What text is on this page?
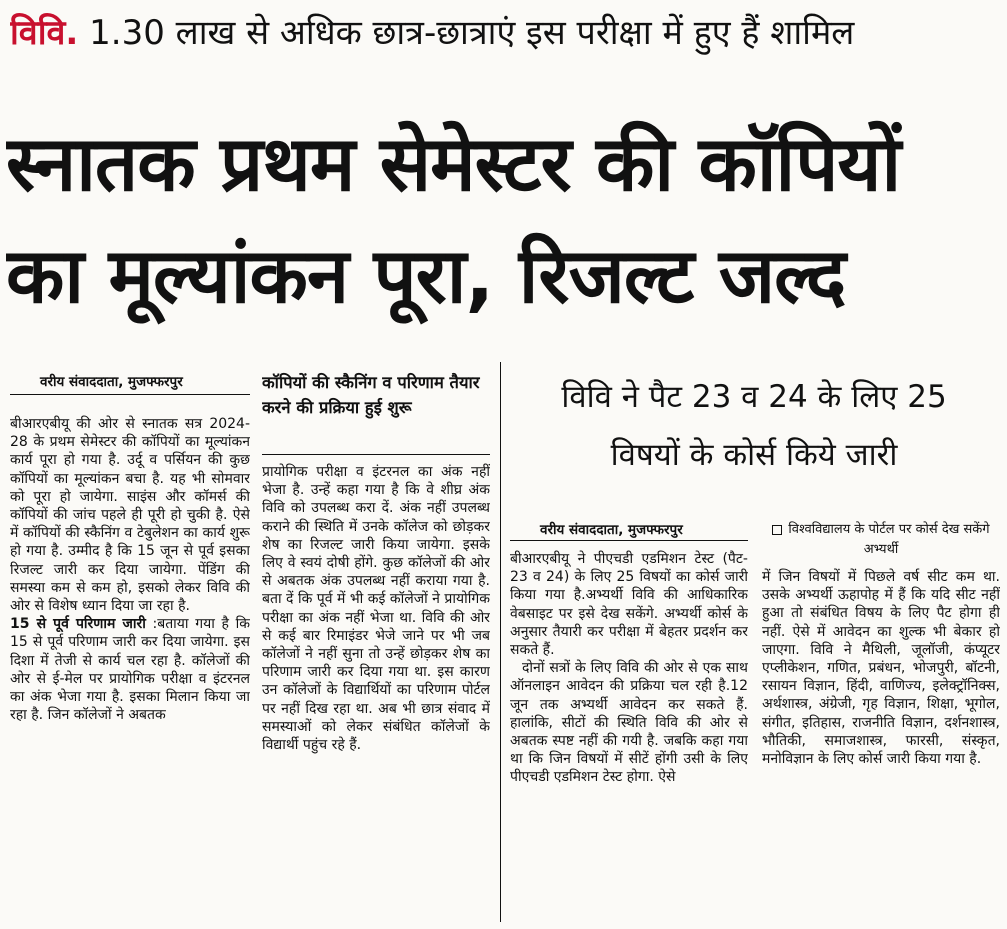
विवि. 1.30 लाख से अधिक छात्र-छात्राएं इस परीक्षा में हुए हैं शामिल
स्नातक प्रथम सेमेस्टर की कॉपियों
का मूल्यांकन पूरा, रिजल्ट जल्द
वरीय संवाददाता, मुजफ्फरपुर

बीआरएबीयू की ओर से स्नातक सत्र 2024-28 के प्रथम सेमेस्टर की कॉपियों का मूल्यांकन कार्य पूरा हो गया है. उर्दू व पर्सियन की कुछ कॉपियों का मूल्यांकन बचा है. यह भी सोमवार को पूरा हो जायेगा. साइंस और कॉमर्स की कॉपियों की जांच पहले ही पूरी हो चुकी है. ऐसे में कॉपियों की स्कैनिंग व टेबुलेशन का कार्य शुरू हो गया है. उम्मीद है कि 15 जून से पूर्व इसका रिजल्ट जारी कर दिया जायेगा. पेंडिंग की समस्या कम से कम हो, इसको लेकर विवि की ओर से विशेष ध्यान दिया जा रहा है.

15 से पूर्व परिणाम जारी :बताया गया है कि 15 से पूर्व परिणाम जारी कर दिया जायेगा. इस दिशा में तेजी से कार्य चल रहा है. कॉलेजों की ओर से ई-मेल पर प्रायोगिक परीक्षा व इंटरनल का अंक भेजा गया है. इसका मिलान किया जा रहा है. जिन कॉलेजों ने अबतक

कॉपियों की स्कैनिंग व परिणाम तैयार करने की प्रक्रिया हुई शुरू

प्रायोगिक परीक्षा व इंटरनल का अंक नहीं भेजा है. उन्हें कहा गया है कि वे शीघ्र अंक विवि को उपलब्ध करा दें. अंक नहीं उपलब्ध कराने की स्थिति में उनके कॉलेज को छोड़कर शेष का रिजल्ट जारी किया जायेगा. इसके लिए वे स्वयं दोषी होंगे. कुछ कॉलेजों की ओर से अबतक अंक उपलब्ध नहीं कराया गया है. बता दें कि पूर्व में भी कई कॉलेजों ने प्रायोगिक परीक्षा का अंक नहीं भेजा था. विवि की ओर से कई बार रिमाइंडर भेजे जाने पर भी जब कॉलेजों ने नहीं सुना तो उन्हें छोड़कर शेष का परिणाम जारी कर दिया गया था. इस कारण उन कॉलेजों के विद्यार्थियों का परिणाम पोर्टल पर नहीं दिख रहा था. अब भी छात्र संवाद में समस्याओं को लेकर संबंधित कॉलेजों के विद्यार्थी पहुंच रहे हैं.

विवि ने पैट 23 व 24 के लिए 25
विषयों के कोर्स किये जारी
वरीय संवाददाता, मुजफ्फरपुर	विश्वविद्यालय के पोर्टल पर कोर्स देख सकेंगे अभ्यर्थी

बीआरएबीयू ने पीएचडी एडमिशन टेस्ट (पैट- 23 व 24) के लिए 25 विषयों का कोर्स जारी किया गया है.अभ्यर्थी विवि की आधिकारिक वेबसाइट पर इसे देख सकेंगे. अभ्यर्थी कोर्स के अनुसार तैयारी कर परीक्षा में बेहतर प्रदर्शन कर सकते हैं.

दोनों सत्रों के लिए विवि की ओर से एक साथ ऑनलाइन आवेदन की प्रक्रिया चल रही है.12 जून तक अभ्यर्थी आवेदन कर सकते हैं. हालांकि, सीटों की स्थिति विवि की ओर से अबतक स्पष्ट नहीं की गयी है. जबकि कहा गया था कि जिन विषयों में सीटें होंगी उसी के लिए पीएचडी एडमिशन टेस्ट होगा. ऐसे

में जिन विषयों में पिछले वर्ष सीट कम था. उसके अभ्यर्थी ऊहापोह में हैं कि यदि सीट नहीं हुआ तो संबंधित विषय के लिए पैट होगा ही नहीं. ऐसे में आवेदन का शुल्क भी बेकार हो जाएगा. विवि ने मैथिली, जूलॉजी, कंप्यूटर एप्लीकेशन, गणित, प्रबंधन, भोजपुरी, बॉटनी, रसायन विज्ञान, हिंदी, वाणिज्य, इलेक्ट्रॉनिक्स, अर्थशास्त्र, अंग्रेजी, गृह विज्ञान, शिक्षा, भूगोल, संगीत, इतिहास, राजनीति विज्ञान, दर्शनशास्त्र, भौतिकी, समाजशास्त्र, फारसी, संस्कृत, मनोविज्ञान के लिए कोर्स जारी किया गया है.
